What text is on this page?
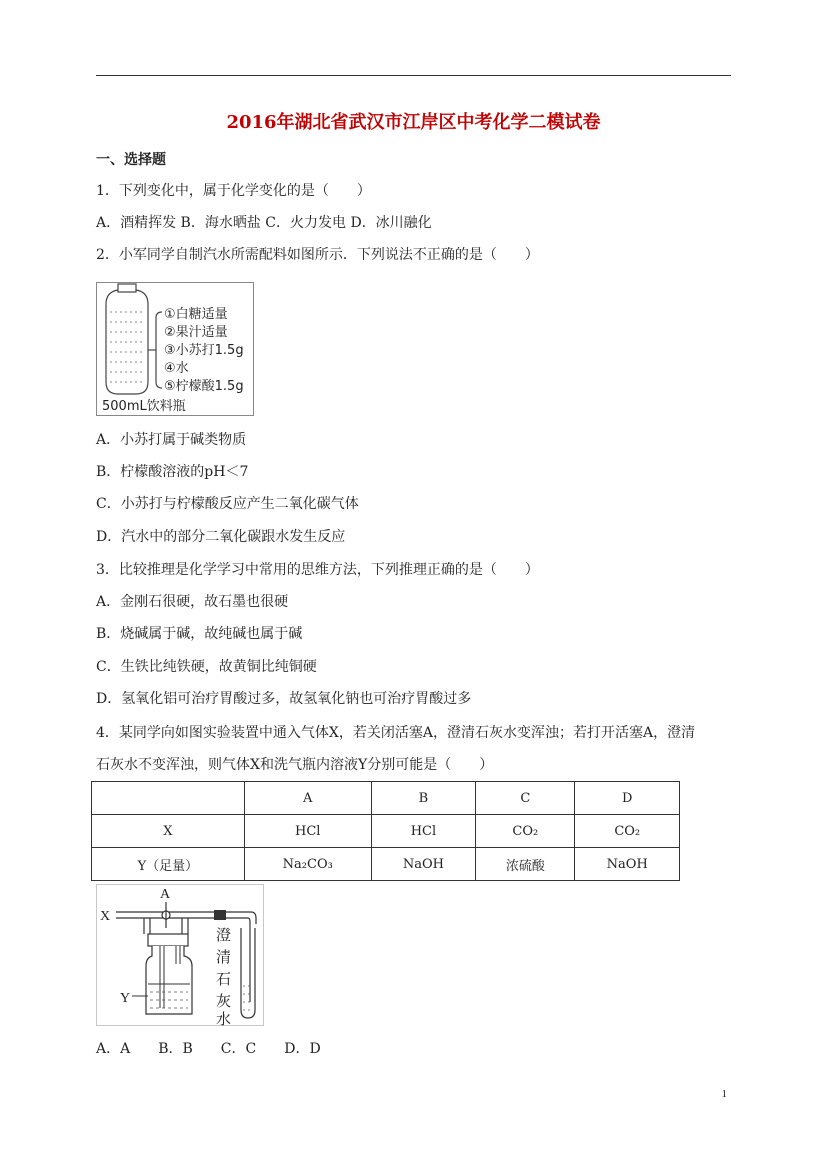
2016年湖北省武汉市江岸区中考化学二模试卷
一、选择题
1．下列变化中，属于化学变化的是（　　）
A．酒精挥发 B．海水晒盐 C．火力发电 D．冰川融化
2．小军同学自制汽水所需配料如图所示．下列说法不正确的是（　　）
①白糖适量
②果汁适量
③小苏打1.5g
④水
⑤柠檬酸1.5g
500mL饮料瓶
A．小苏打属于碱类物质
B．柠檬酸溶液的pH＜7
C．小苏打与柠檬酸反应产生二氧化碳气体
D．汽水中的部分二氧化碳跟水发生反应
3．比较推理是化学学习中常用的思维方法，下列推理正确的是（　　）
A．金刚石很硬，故石墨也很硬
B．烧碱属于碱，故纯碱也属于碱
C．生铁比纯铁硬，故黄铜比纯铜硬
D．氢氧化铝可治疗胃酸过多，故氢氧化钠也可治疗胃酸过多
4．某同学向如图实验装置中通入气体X，若关闭活塞A，澄清石灰水变浑浊；若打开活塞A，澄清
石灰水不变浑浊，则气体X和洗气瓶内溶液Y分别可能是（　　）
	A	B	C	D
X	HCl	HCl	CO₂	CO₂
Y（足量）	Na₂CO₃	NaOH	浓硫酸	NaOH
A
X
Y
澄
清
石
灰
水
A．A　　B．B　　C．C　　D．D
1
